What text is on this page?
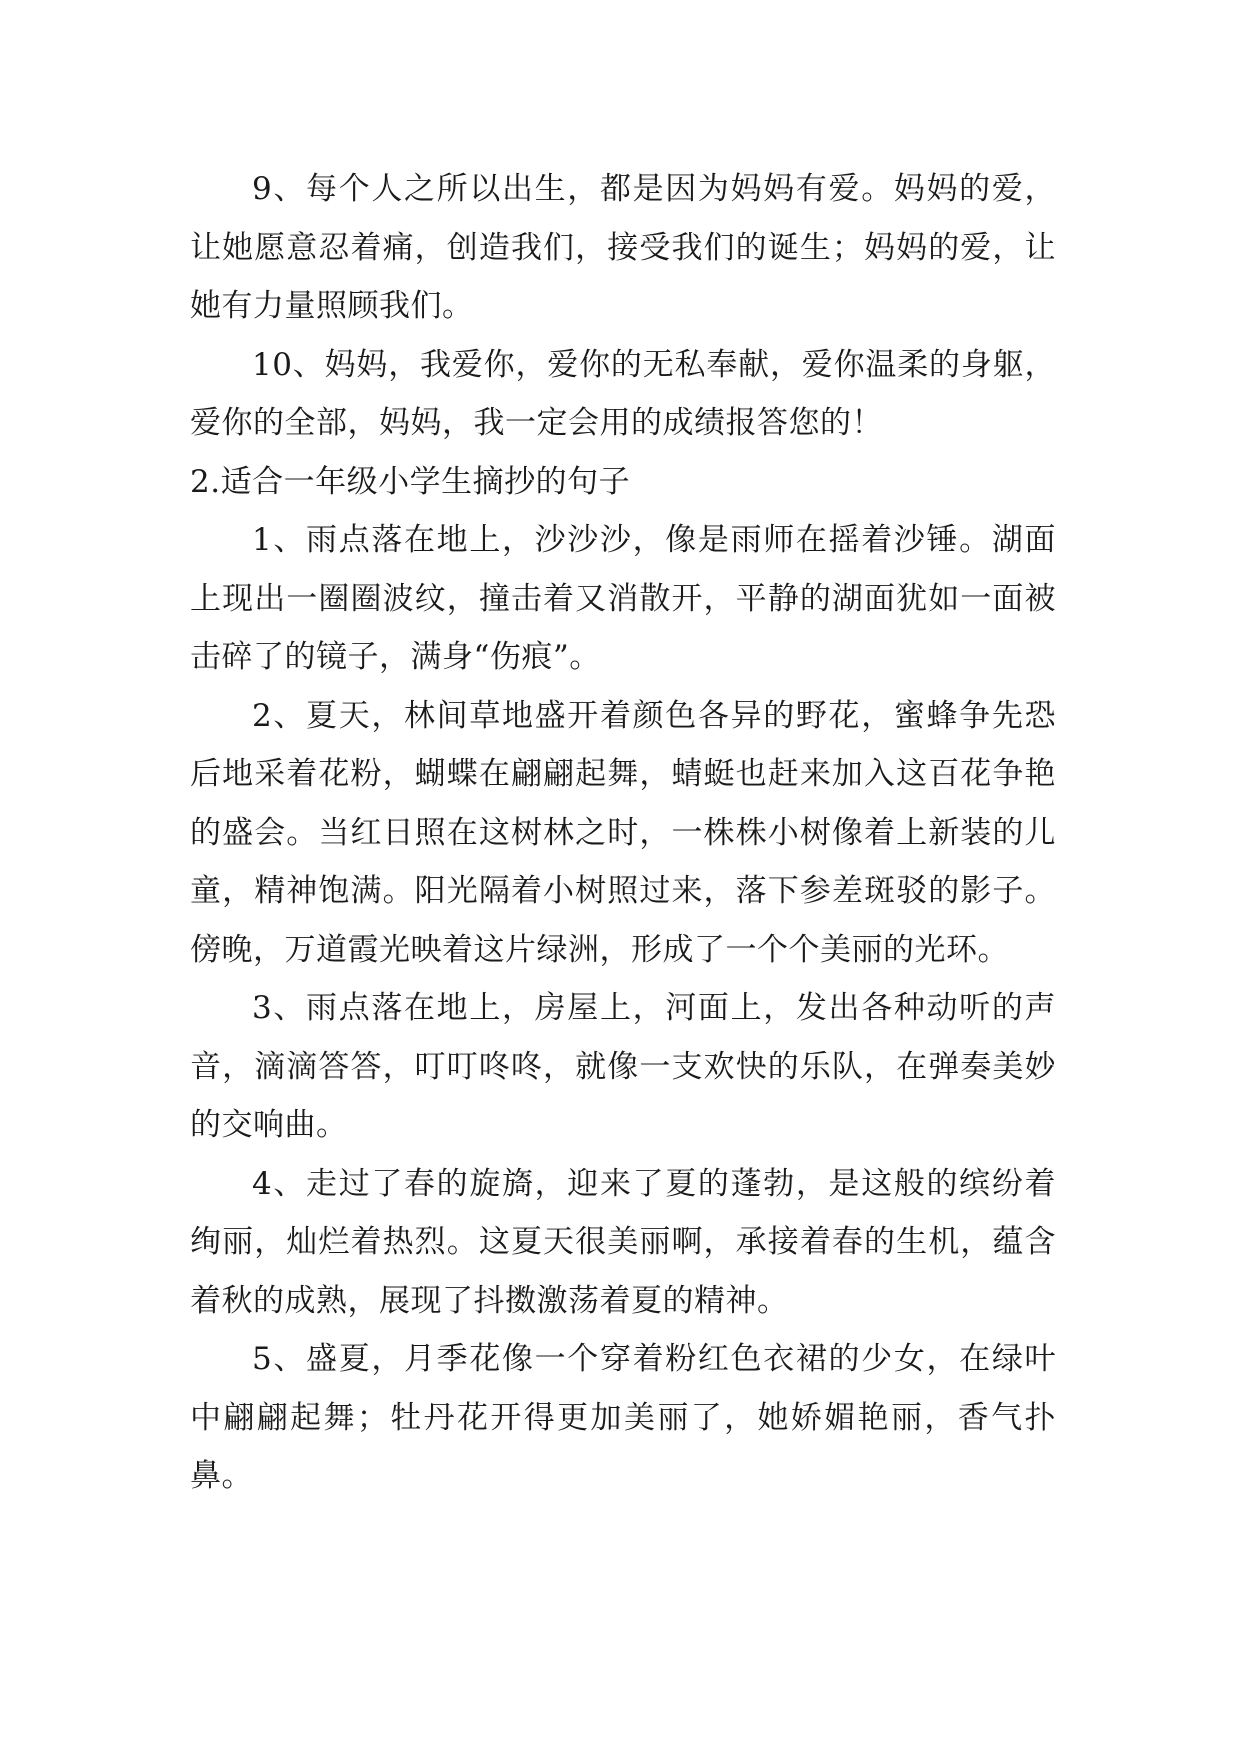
9、每个人之所以出生，都是因为妈妈有爱。妈妈的爱，让她愿意忍着痛，创造我们，接受我们的诞生；妈妈的爱，让她有力量照顾我们。

10、妈妈，我爱你，爱你的无私奉献，爱你温柔的身躯，爱你的全部，妈妈，我一定会用的成绩报答您的！

2.适合一年级小学生摘抄的句子

1、雨点落在地上，沙沙沙，像是雨师在摇着沙锤。湖面上现出一圈圈波纹，撞击着又消散开，平静的湖面犹如一面被击碎了的镜子，满身“伤痕”。

2、夏天，林间草地盛开着颜色各异的野花，蜜蜂争先恐后地采着花粉，蝴蝶在翩翩起舞，蜻蜓也赶来加入这百花争艳的盛会。当红日照在这树林之时，一株株小树像着上新装的儿童，精神饱满。阳光隔着小树照过来，落下参差斑驳的影子。傍晚，万道霞光映着这片绿洲，形成了一个个美丽的光环。

3、雨点落在地上，房屋上，河面上，发出各种动听的声音，滴滴答答，叮叮咚咚，就像一支欢快的乐队，在弹奏美妙的交响曲。

4、走过了春的旋旖，迎来了夏的蓬勃，是这般的缤纷着绚丽，灿烂着热烈。这夏天很美丽啊，承接着春的生机，蕴含着秋的成熟，展现了抖擞激荡着夏的精神。

5、盛夏，月季花像一个穿着粉红色衣裙的少女，在绿叶中翩翩起舞；牡丹花开得更加美丽了，她娇媚艳丽，香气扑鼻。
